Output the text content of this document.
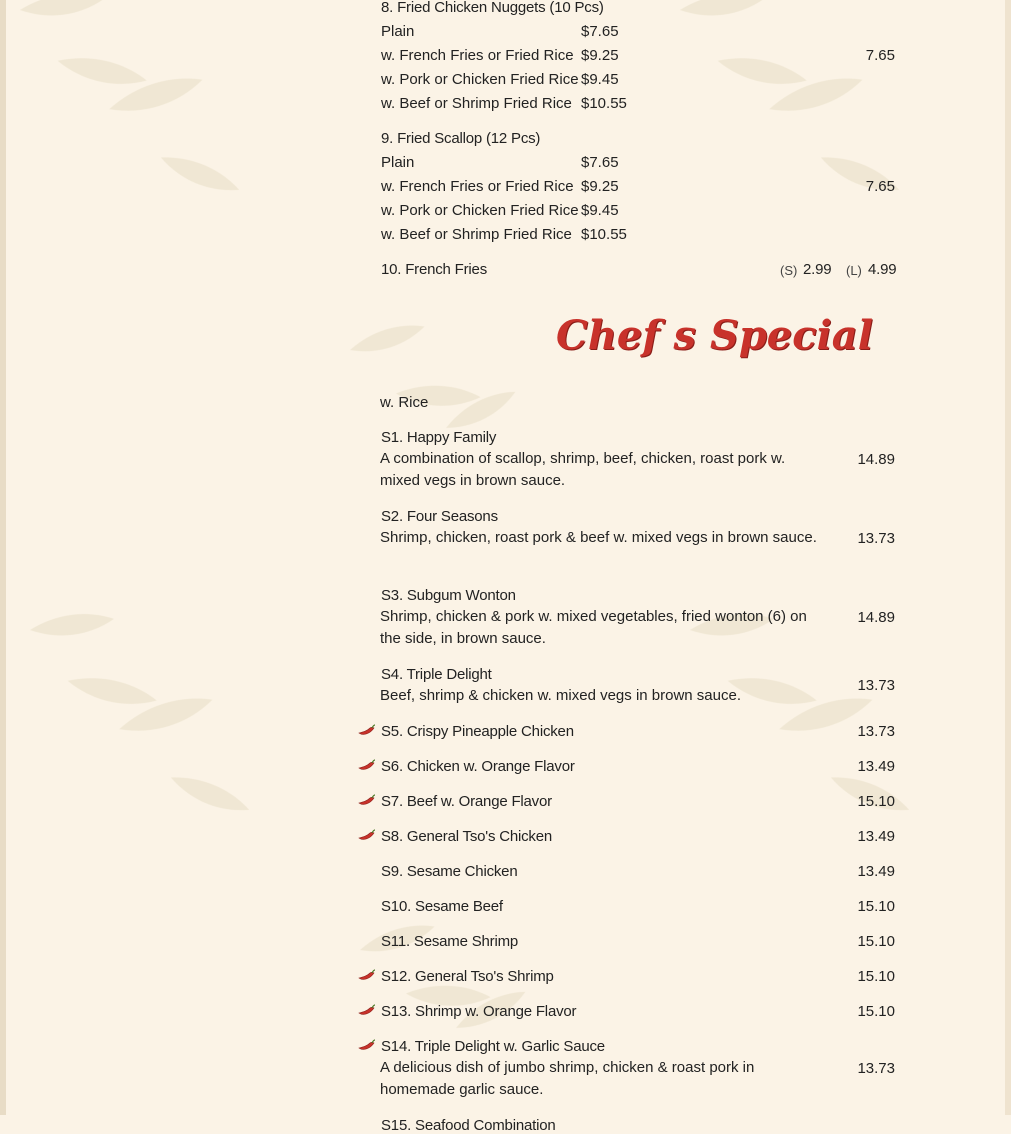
Chef s Special
w. Rice
8. Fried Chicken Nuggets (10 Pcs)
Plain	$7.65
w. French Fries or Fried Rice $9.25
w. Pork or Chicken Fried Rice $9.45
w. Beef or Shrimp Fried Rice $10.55
7.65
9. Fried Scallop (12 Pcs)
Plain	$7.65
w. French Fries or Fried Rice $9.25
w. Pork or Chicken Fried Rice $9.45
w. Beef or Shrimp Fried Rice $10.55
7.65
10. French Fries	(S) 2.99 (L) 4.99
S1. Happy Family
A combination of scallop, shrimp, beef, chicken, roast pork w. mixed vegs in brown sauce.
14.89
S2. Four Seasons
Shrimp, chicken, roast pork & beef w. mixed vegs in brown sauce.	13.73
S3. Subgum Wonton
Shrimp, chicken & pork w. mixed vegetables, fried wonton (6) on the side, in brown sauce.
14.89
S4. Triple Delight
Beef, shrimp & chicken w. mixed vegs in brown sauce.
13.73
S5. Crispy Pineapple Chicken	13.73
S6. Chicken w. Orange Flavor	13.49
S7. Beef w. Orange Flavor	15.10
S8. General Tso's Chicken	13.49
S9. Sesame Chicken	13.49
S10. Sesame Beef	15.10
S11. Sesame Shrimp	15.10
S12. General Tso's Shrimp	15.10
S13. Shrimp w. Orange Flavor	15.10
S14. Triple Delight w. Garlic Sauce
A delicious dish of jumbo shrimp, chicken & roast pork in homemade garlic sauce.
13.73
S15. Seafood Combination
